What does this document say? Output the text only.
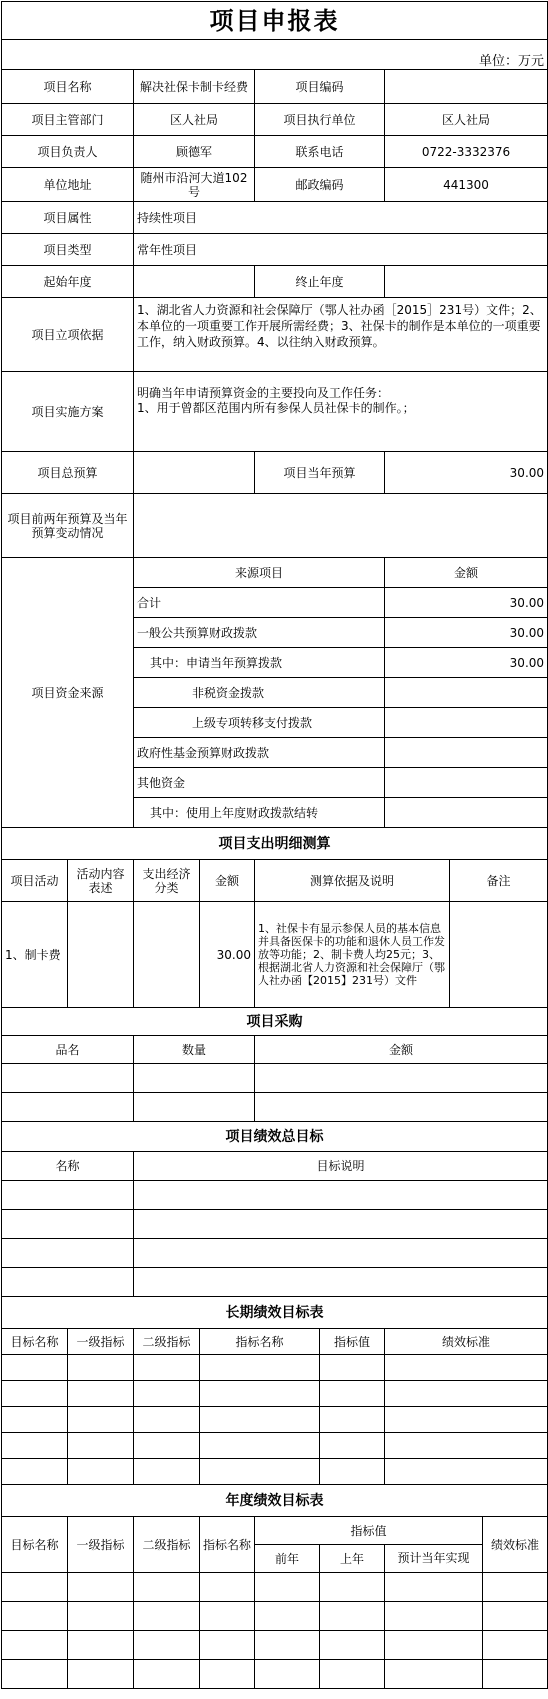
项目申报表								
单位：万元								
项目名称		解决社保卡制卡经费		项目编码				
项目主管部门		区人社局		项目执行单位		区人社局		
项目负责人		顾德军		联系电话		0722-3332376		
单位地址		随州市沿河大道102号		邮政编码		441300		
项目属性		持续性项目						
项目类型		常年性项目						
起始年度				终止年度				
项目立项依据		1、湖北省人力资源和社会保障厅（鄂人社办函［2015］231号）文件；2、本单位的一项重要工作开展所需经费；3、社保卡的制作是本单位的一项重要工作，纳入财政预算。4、以往纳入财政预算。						
项目实施方案		明确当年申请预算资金的主要投向及工作任务：
1、用于曾都区范围内所有参保人员社保卡的制作。；						

项目总预算				项目当年预算		30.00		
项目前两年预算及当年预算变动情况								
项目资金来源		来源项目				金额		
		合计				30.00		
		一般公共预算财政拨款				30.00		
		其中：申请当年预算拨款				30.00		
		非税资金拨款						
		上级专项转移支付拨款						
		政府性基金预算财政拨款						
		其他资金						
		其中：使用上年度财政拨款结转						
项目支出明细测算								
项目活动	活动内容表述	支出经济分类	金额	测算依据及说明			备注	
1、制卡费			30.00	1、社保卡有显示参保人员的基本信息并具备医保卡的功能和退休人员工作发放等功能；2、制卡费人均25元；3、根据湖北省人力资源和社会保障厅（鄂人社办函【2015】231号）文件				
项目采购								
品名		数量		金额				

项目绩效总目标								
名称		目标说明						

长期绩效目标表								
目标名称	一级指标	二级指标	指标名称		指标值	绩效标准		

年度绩效目标表								
目标名称	一级指标	二级指标	指标名称	指标值				绩效标准
				前年	上年	预计当年实现		
